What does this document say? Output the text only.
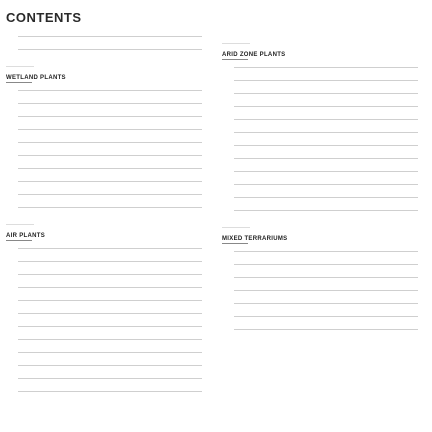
CONTENTS
WETLAND PLANTS
AIR PLANTS
ARID ZONE PLANTS
MIXED TERRARIUMS
